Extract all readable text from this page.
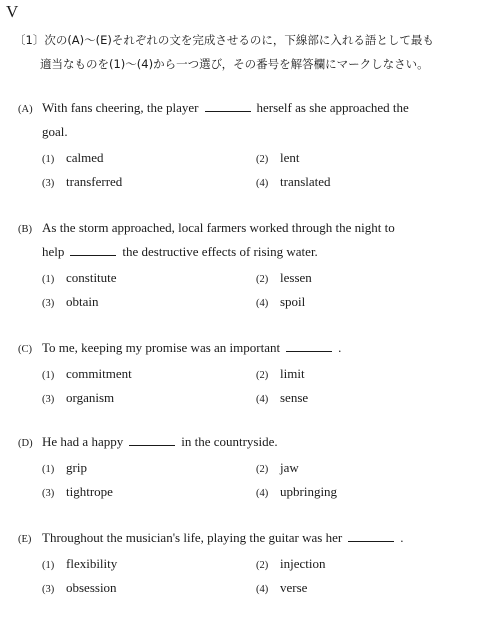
V
〔1〕次の(A)～(E)それぞれの文を完成させるのに，下線部に入れる語として最も
適当なものを(1)～(4)から一つ選び，その番号を解答欄にマークしなさい。
(A) With fans cheering, the player	herself as she approached the
goal.
(1) calmed	(2) lent
(3) transferred	(4) translated
(B) As the storm approached, local farmers worked through the night to
help	the destructive effects of rising water.
(1) constitute	(2) lessen
(3) obtain	(4) spoil
(C) To me, keeping my promise was an important	.
(1) commitment	(2) limit
(3) organism	(4) sense
(D) He had a happy	in the countryside.
(1) grip	(2) jaw
(3) tightrope	(4) upbringing
(E) Throughout the musician's life, playing the guitar was her	.
(1) flexibility	(2) injection
(3) obsession	(4) verse
